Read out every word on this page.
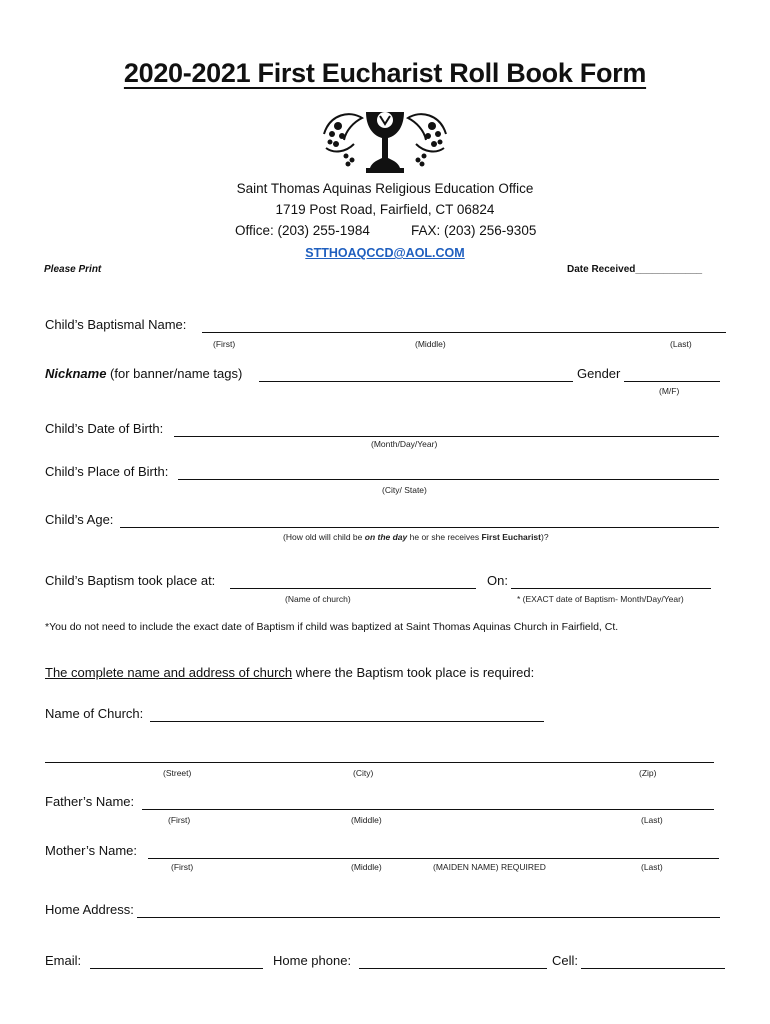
2020-2021 First Eucharist Roll Book Form
Saint Thomas Aquinas Religious Education Office
1719 Post Road, Fairfield, CT 06824
Office: (203) 255-1984	FAX: (203) 256-9305
STTHOAQCCD@AOL.COM
Please Print	Date Received____________
Child’s Baptismal Name:
(First)	(Middle)	(Last)
Nickname (for banner/name tags)	Gender
(M/F)
Child’s Date of Birth:
(Month/Day/Year)
Child’s Place of Birth:
(City/ State)
Child’s Age:
(How old will child be on the day he or she receives First Eucharist)?
Child’s Baptism took place at:	On:
(Name of church)	* (EXACT date of Baptism- Month/Day/Year)
*You do not need to include the exact date of Baptism if child was baptized at Saint Thomas Aquinas Church in Fairfield, Ct.
The complete name and address of church where the Baptism took place is required:
Name of Church:
(Street)	(City)	(Zip)
Father’s Name:
(First)	(Middle)	(Last)
Mother’s Name:
(First)	(Middle)	(MAIDEN NAME) REQUIRED	(Last)
Home Address:
Email:	Home phone:	Cell:
